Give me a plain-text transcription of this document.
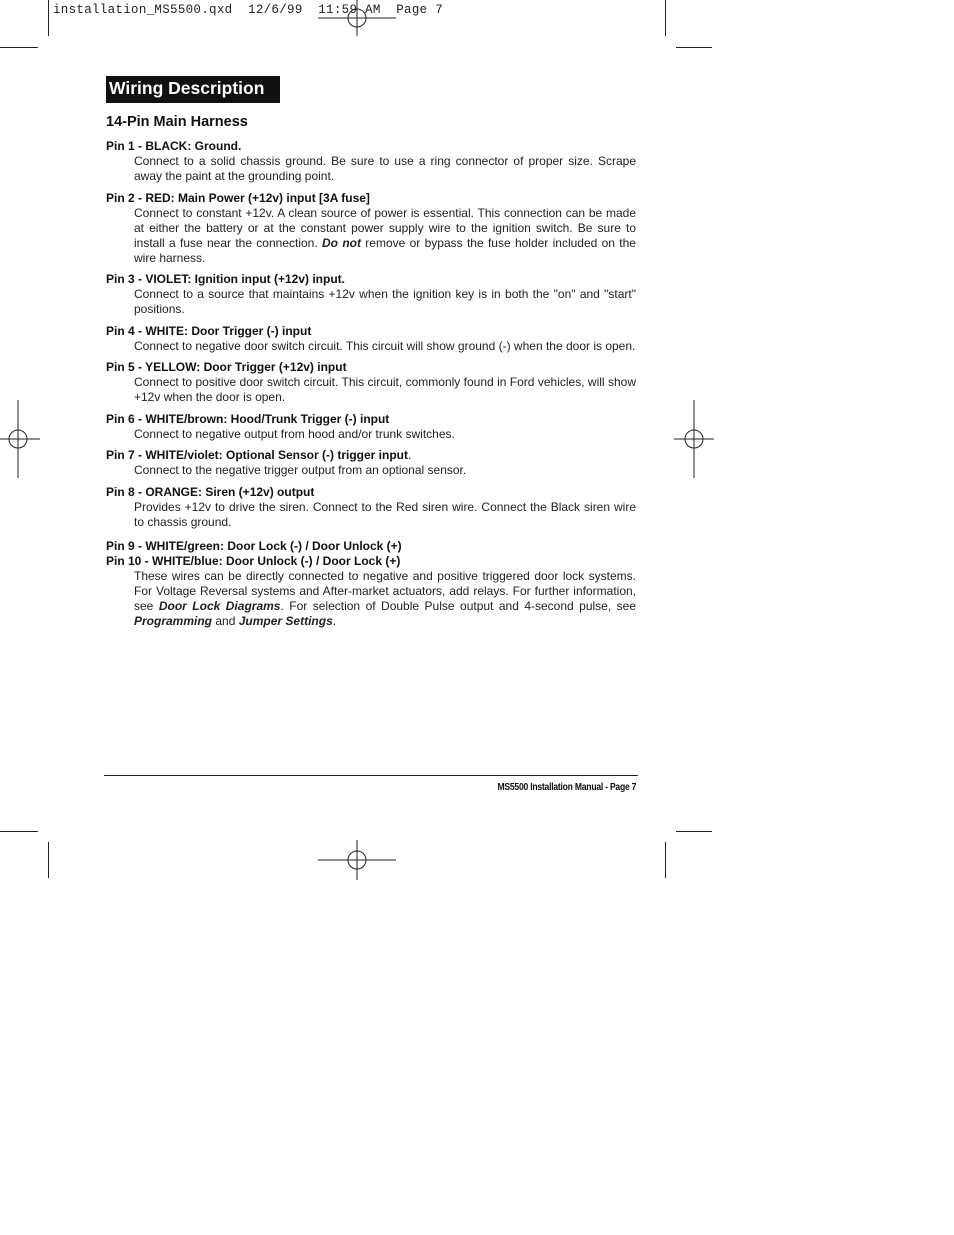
installation_MS5500.qxd  12/6/99  11:59 AM  Page 7
Wiring Description
14-Pin Main Harness
Pin 1 - BLACK: Ground.
Connect to a solid chassis ground. Be sure to use a ring connector of proper size. Scrape away the paint at the grounding point.
Pin 2 - RED: Main Power (+12v) input [3A fuse]
Connect to constant +12v. A clean source of power is essential. This connection can be made at either the battery or at the constant power supply wire to the ignition switch. Be sure to install a fuse near the connection. Do not remove or bypass the fuse holder included on the wire harness.
Pin 3 - VIOLET: Ignition input (+12v) input.
Connect to a source that maintains +12v when the ignition key is in both the "on" and "start" positions.
Pin 4 - WHITE: Door Trigger (-) input
Connect to negative door switch circuit. This circuit will show ground (-) when the door is open.
Pin 5 - YELLOW: Door Trigger (+12v) input
Connect to positive door switch circuit. This circuit, commonly found in Ford vehicles, will show +12v when the door is open.
Pin 6 - WHITE/brown: Hood/Trunk Trigger (-) input
Connect to negative output from hood and/or trunk switches.
Pin 7 - WHITE/violet: Optional Sensor (-) trigger input.
Connect to the negative trigger output from an optional sensor.
Pin 8 - ORANGE: Siren (+12v) output
Provides +12v to drive the siren. Connect to the Red siren wire. Connect the Black siren wire to chassis ground.
Pin 9 - WHITE/green: Door Lock (-) / Door Unlock (+)
Pin 10 - WHITE/blue: Door Unlock (-) / Door Lock (+)
These wires can be directly connected to negative and positive triggered door lock systems. For Voltage Reversal systems and After-market actuators, add relays. For further information, see Door Lock Diagrams. For selection of Double Pulse output and 4-second pulse, see Programming and Jumper Settings.
MS5500 Installation Manual - Page 7
